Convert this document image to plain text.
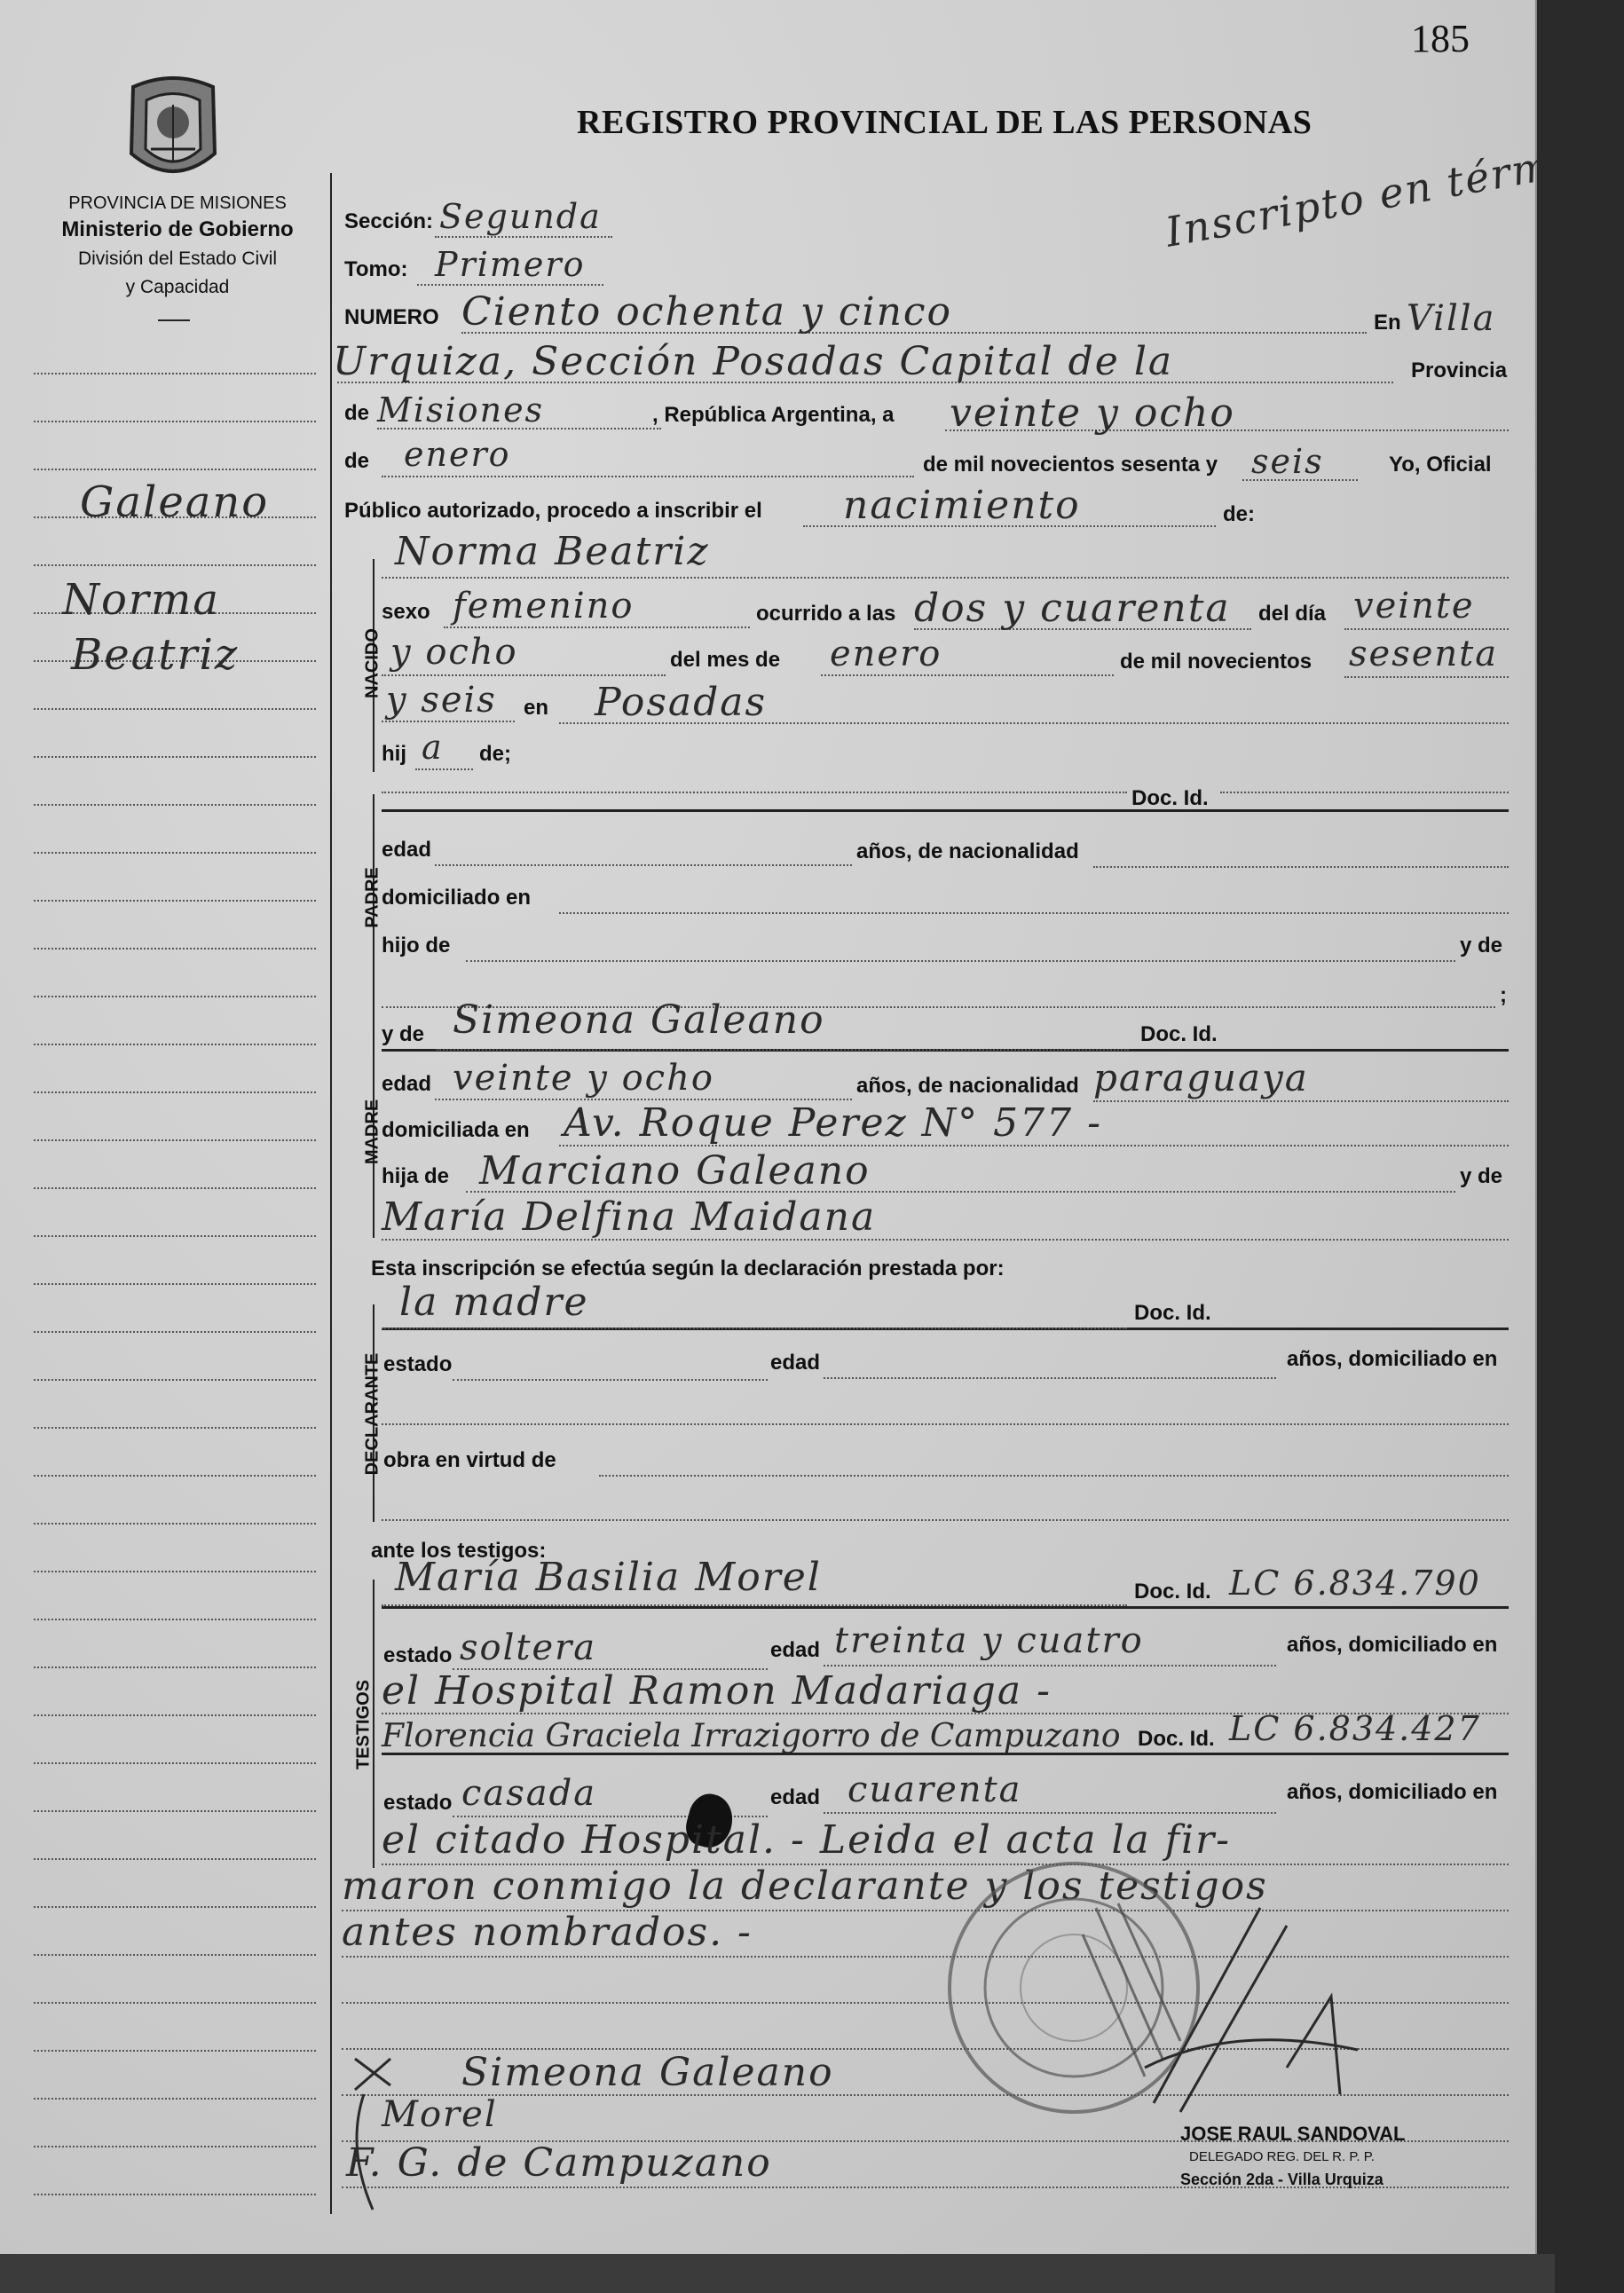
185
PROVINCIA DE MISIONES
Ministerio de Gobierno
División del Estado Civil
y Capacidad
REGISTRO PROVINCIAL DE LAS PERSONAS
Inscripto en término
Galeano
Norma
Beatriz
Sección: Segunda
Tomo: Primero
NUMERO Ciento ochenta y cinco	En Villa
Urquiza, Sección Posadas Capital de la	Provincia
de Misiones	, República Argentina, a veinte y ocho
de enero	de mil novecientos sesenta y seis	Yo, Oficial
Público autorizado, procedo a inscribir el nacimiento	de:
NACIDO
Norma Beatriz
sexo femenino	ocurrido a las dos y cuarenta del día veinte
y ocho	del mes de enero	de mil novecientos sesenta
y seis en Posadas
hij a de;
PADRE
Doc. Id.
edad	años, de nacionalidad
domiciliado en
hijo de	y de
;
MADRE
y de Simeona Galeano	Doc. Id.
edad veinte y ocho	años, de nacionalidad paraguaya
domiciliada en Av. Roque Perez N° 577 -
hija de Marciano Galeano	y de
María Delfina Maidana
Esta inscripción se efectúa según la declaración prestada por:
DECLARANTE
la madre	Doc. Id.
estado	edad	años, domiciliado en
obra en virtud de
ante los testigos:
TESTIGOS
María Basilia Morel	Doc. Id. LC 6.834.790
estado soltera	edad treinta y cuatro	años, domiciliado en
el Hospital Ramon Madariaga -
Florencia Graciela Irrazigorro de Campuzano Doc. Id. LC 6.834.427
estado casada	edad cuarenta	años, domiciliado en
el citado Hospital. - Leida el acta la fir-
maron conmigo la declarante y los testigos
antes nombrados. -
Simeona Galeano
Morel
F. G. de Campuzano
JOSE RAUL SANDOVAL
DELEGADO REG. DEL R. P. P.
Sección 2da - Villa Urquiza
